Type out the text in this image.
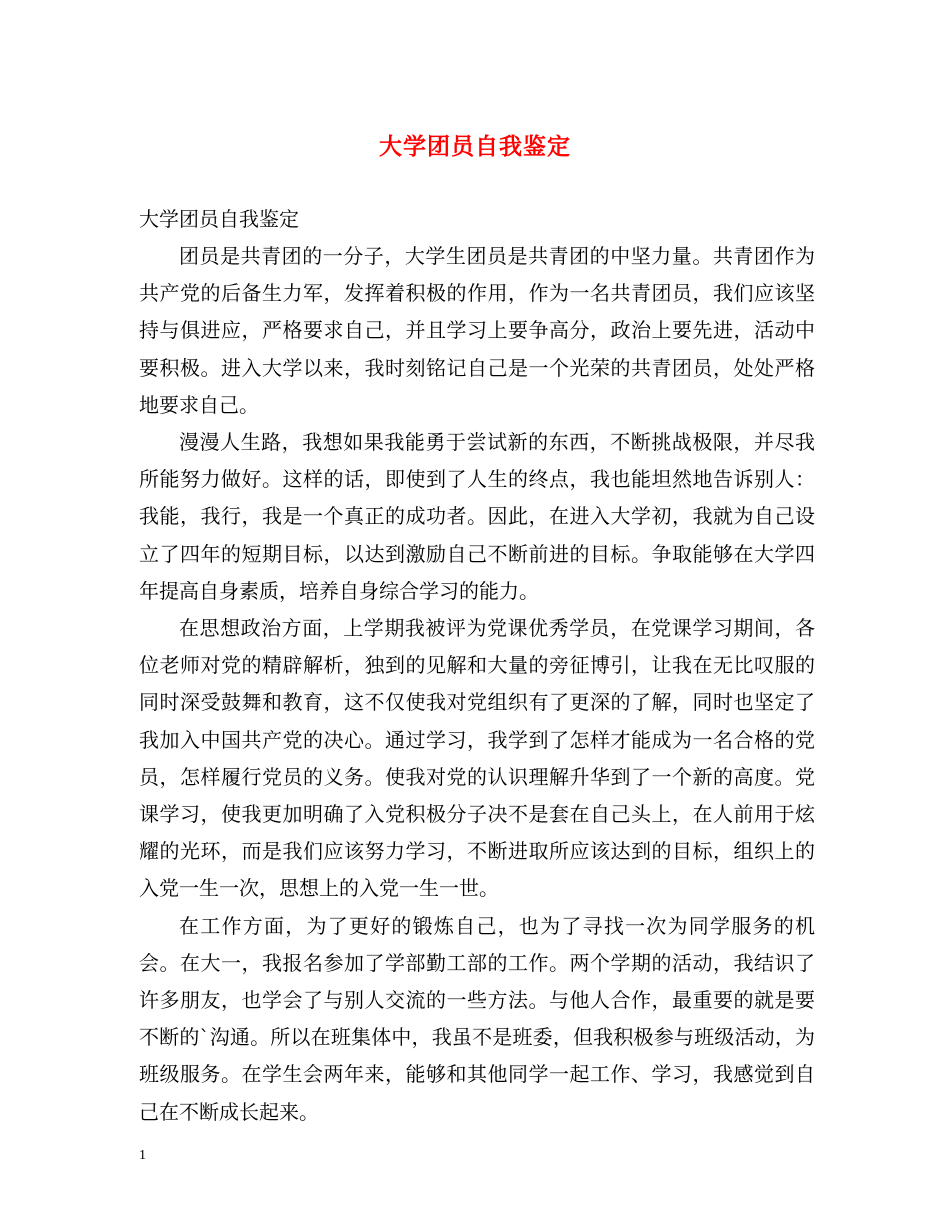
大学团员自我鉴定

大学团员自我鉴定

团员是共青团的一分子，大学生团员是共青团的中坚力量。共青团作为共产党的后备生力军，发挥着积极的作用，作为一名共青团员，我们应该坚持与俱进应，严格要求自己，并且学习上要争高分，政治上要先进，活动中要积极。进入大学以来，我时刻铭记自己是一个光荣的共青团员，处处严格地要求自己。

漫漫人生路，我想如果我能勇于尝试新的东西，不断挑战极限，并尽我所能努力做好。这样的话，即使到了人生的终点，我也能坦然地告诉别人：我能，我行，我是一个真正的成功者。因此，在进入大学初，我就为自己设立了四年的短期目标，以达到激励自己不断前进的目标。争取能够在大学四年提高自身素质，培养自身综合学习的能力。

在思想政治方面，上学期我被评为党课优秀学员，在党课学习期间，各位老师对党的精辟解析，独到的见解和大量的旁征博引，让我在无比叹服的同时深受鼓舞和教育，这不仅使我对党组织有了更深的了解，同时也坚定了我加入中国共产党的决心。通过学习，我学到了怎样才能成为一名合格的党员，怎样履行党员的义务。使我对党的认识理解升华到了一个新的高度。党课学习，使我更加明确了入党积极分子决不是套在自己头上，在人前用于炫耀的光环，而是我们应该努力学习，不断进取所应该达到的目标，组织上的入党一生一次，思想上的入党一生一世。

在工作方面，为了更好的锻炼自己，也为了寻找一次为同学服务的机会。在大一，我报名参加了学部勤工部的工作。两个学期的活动，我结识了许多朋友，也学会了与别人交流的一些方法。与他人合作，最重要的就是要不断的`沟通。所以在班集体中，我虽不是班委，但我积极参与班级活动，为班级服务。在学生会两年来，能够和其他同学一起工作、学习，我感觉到自己在不断成长起来。

1
